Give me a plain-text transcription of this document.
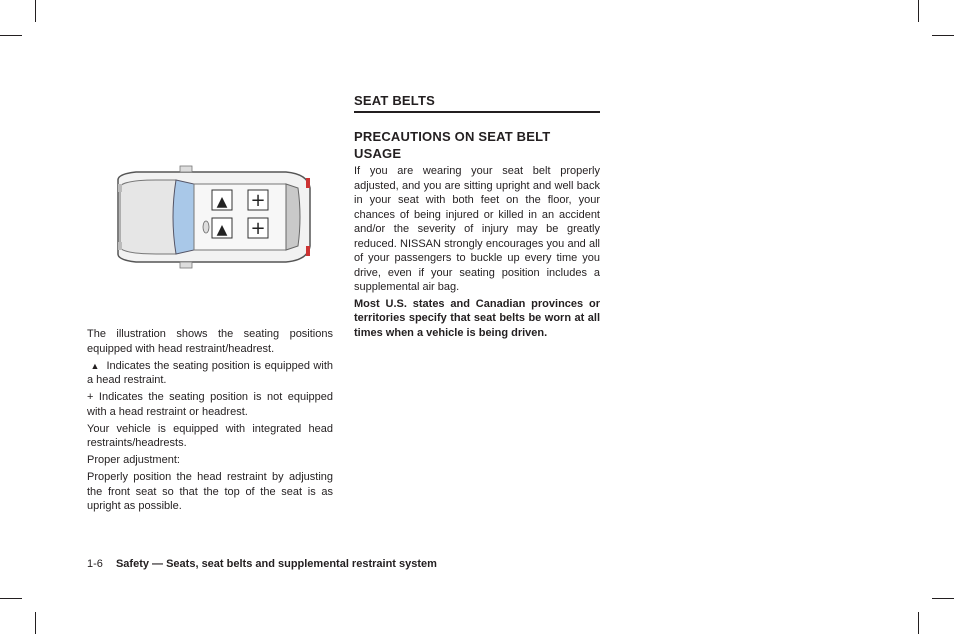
▲
▲
+
+

The illustration shows the seating positions equipped with head restraint/headrest.

▲ Indicates the seating position is equipped with a head restraint.

+ Indicates the seating position is not equipped with a head restraint or headrest.

Your vehicle is equipped with integrated head restraints/headrests.

Proper adjustment:

Properly position the head restraint by adjusting the front seat so that the top of the seat is as upright as possible.

SEAT BELTS
PRECAUTIONS ON SEAT BELT USAGE

If you are wearing your seat belt properly adjusted, and you are sitting upright and well back in your seat with both feet on the floor, your chances of being injured or killed in an accident and/or the severity of injury may be greatly reduced. NISSAN strongly encourages you and all of your passengers to buckle up every time you drive, even if your seating position includes a supplemental air bag.

Most U.S. states and Canadian provinces or territories specify that seat belts be worn at all times when a vehicle is being driven.

1-6 Safety — Seats, seat belts and supplemental restraint system
